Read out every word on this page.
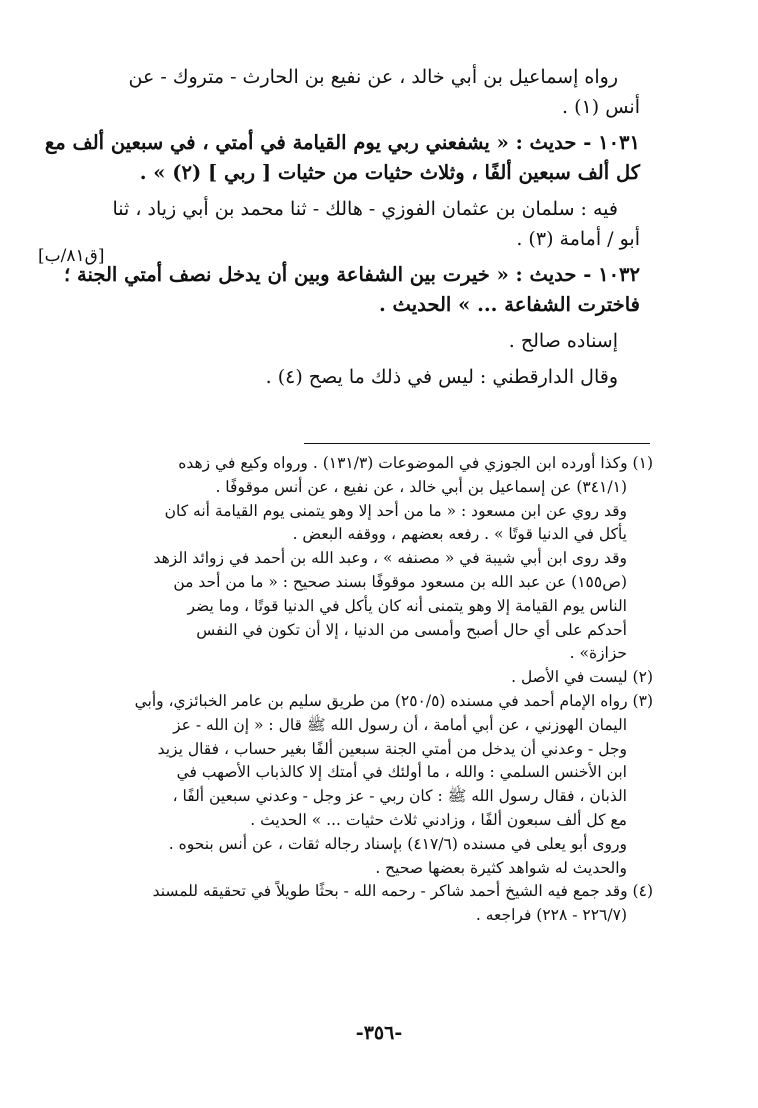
رواه إسماعيل بن أبي خالد ، عن نفيع بن الحارث - متروك - عن
أنس (١) .
١٠٣١ - حديث : « يشفعني ربي يوم القيامة في أمتي ، في سبعين ألف مع
كل ألف سبعين ألفًا ، وثلاث حثيات من حثيات [ ربي ] (٢) » .
فيه : سلمان بن عثمان الفوزي - هالك - ثنا محمد بن أبي زياد ، ثنا
أبو / أمامة (٣) .
١٠٣٢ - حديث : « خيرت بين الشفاعة وبين أن يدخل نصف أمتي الجنة ؛
فاخترت الشفاعة ... » الحديث .
إسناده صالح .
وقال الدارقطني : ليس في ذلك ما يصح (٤) .
[ق٨١/ب]
(١) وكذا أورده ابن الجوزي في الموضوعات (١٣١/٣) . ورواه وكيع في زهده
(٣٤١/١) عن إسماعيل بن أبي خالد ، عن نفيع ، عن أنس موقوفًا .
وقد روي عن ابن مسعود : « ما من أحد إلا وهو يتمنى يوم القيامة أنه كان
يأكل في الدنيا قوتًا » . رفعه بعضهم ، ووقفه البعض .
وقد روى ابن أبي شيبة في « مصنفه » ، وعبد الله بن أحمد في زوائد الزهد
(ص١٥٥) عن عبد الله بن مسعود موقوفًا بسند صحيح : « ما من أحد من
الناس يوم القيامة إلا وهو يتمنى أنه كان يأكل في الدنيا قوتًا ، وما يضر
أحدكم على أي حال أصبح وأمسى من الدنيا ، إلا أن تكون في النفس
حزازة» .
(٢) ليست في الأصل .
(٣) رواه الإمام أحمد في مسنده (٢٥٠/٥) من طريق سليم بن عامر الخبائزي، وأبي
اليمان الهوزني ، عن أبي أمامة ، أن رسول الله ﷺ قال : « إن الله - عز
وجل - وعدني أن يدخل من أمتي الجنة سبعين ألفًا بغير حساب ، فقال يزيد
ابن الأخنس السلمي : والله ، ما أولئك في أمتك إلا كالذباب الأصهب في
الذبان ، فقال رسول الله ﷺ : كان ربي - عز وجل - وعدني سبعين ألفًا ،
مع كل ألف سبعون ألفًا ، وزادني ثلاث حثيات ... » الحديث .
وروى أبو يعلى في مسنده (٤١٧/٦) بإسناد رجاله ثقات ، عن أنس بنحوه .
والحديث له شواهد كثيرة بعضها صحيح .
(٤) وقد جمع فيه الشيخ أحمد شاكر - رحمه الله - بحثًا طويلاً في تحقيقه للمسند
(٢٢٦/٧ - ٢٢٨) فراجعه .
-٣٥٦-
